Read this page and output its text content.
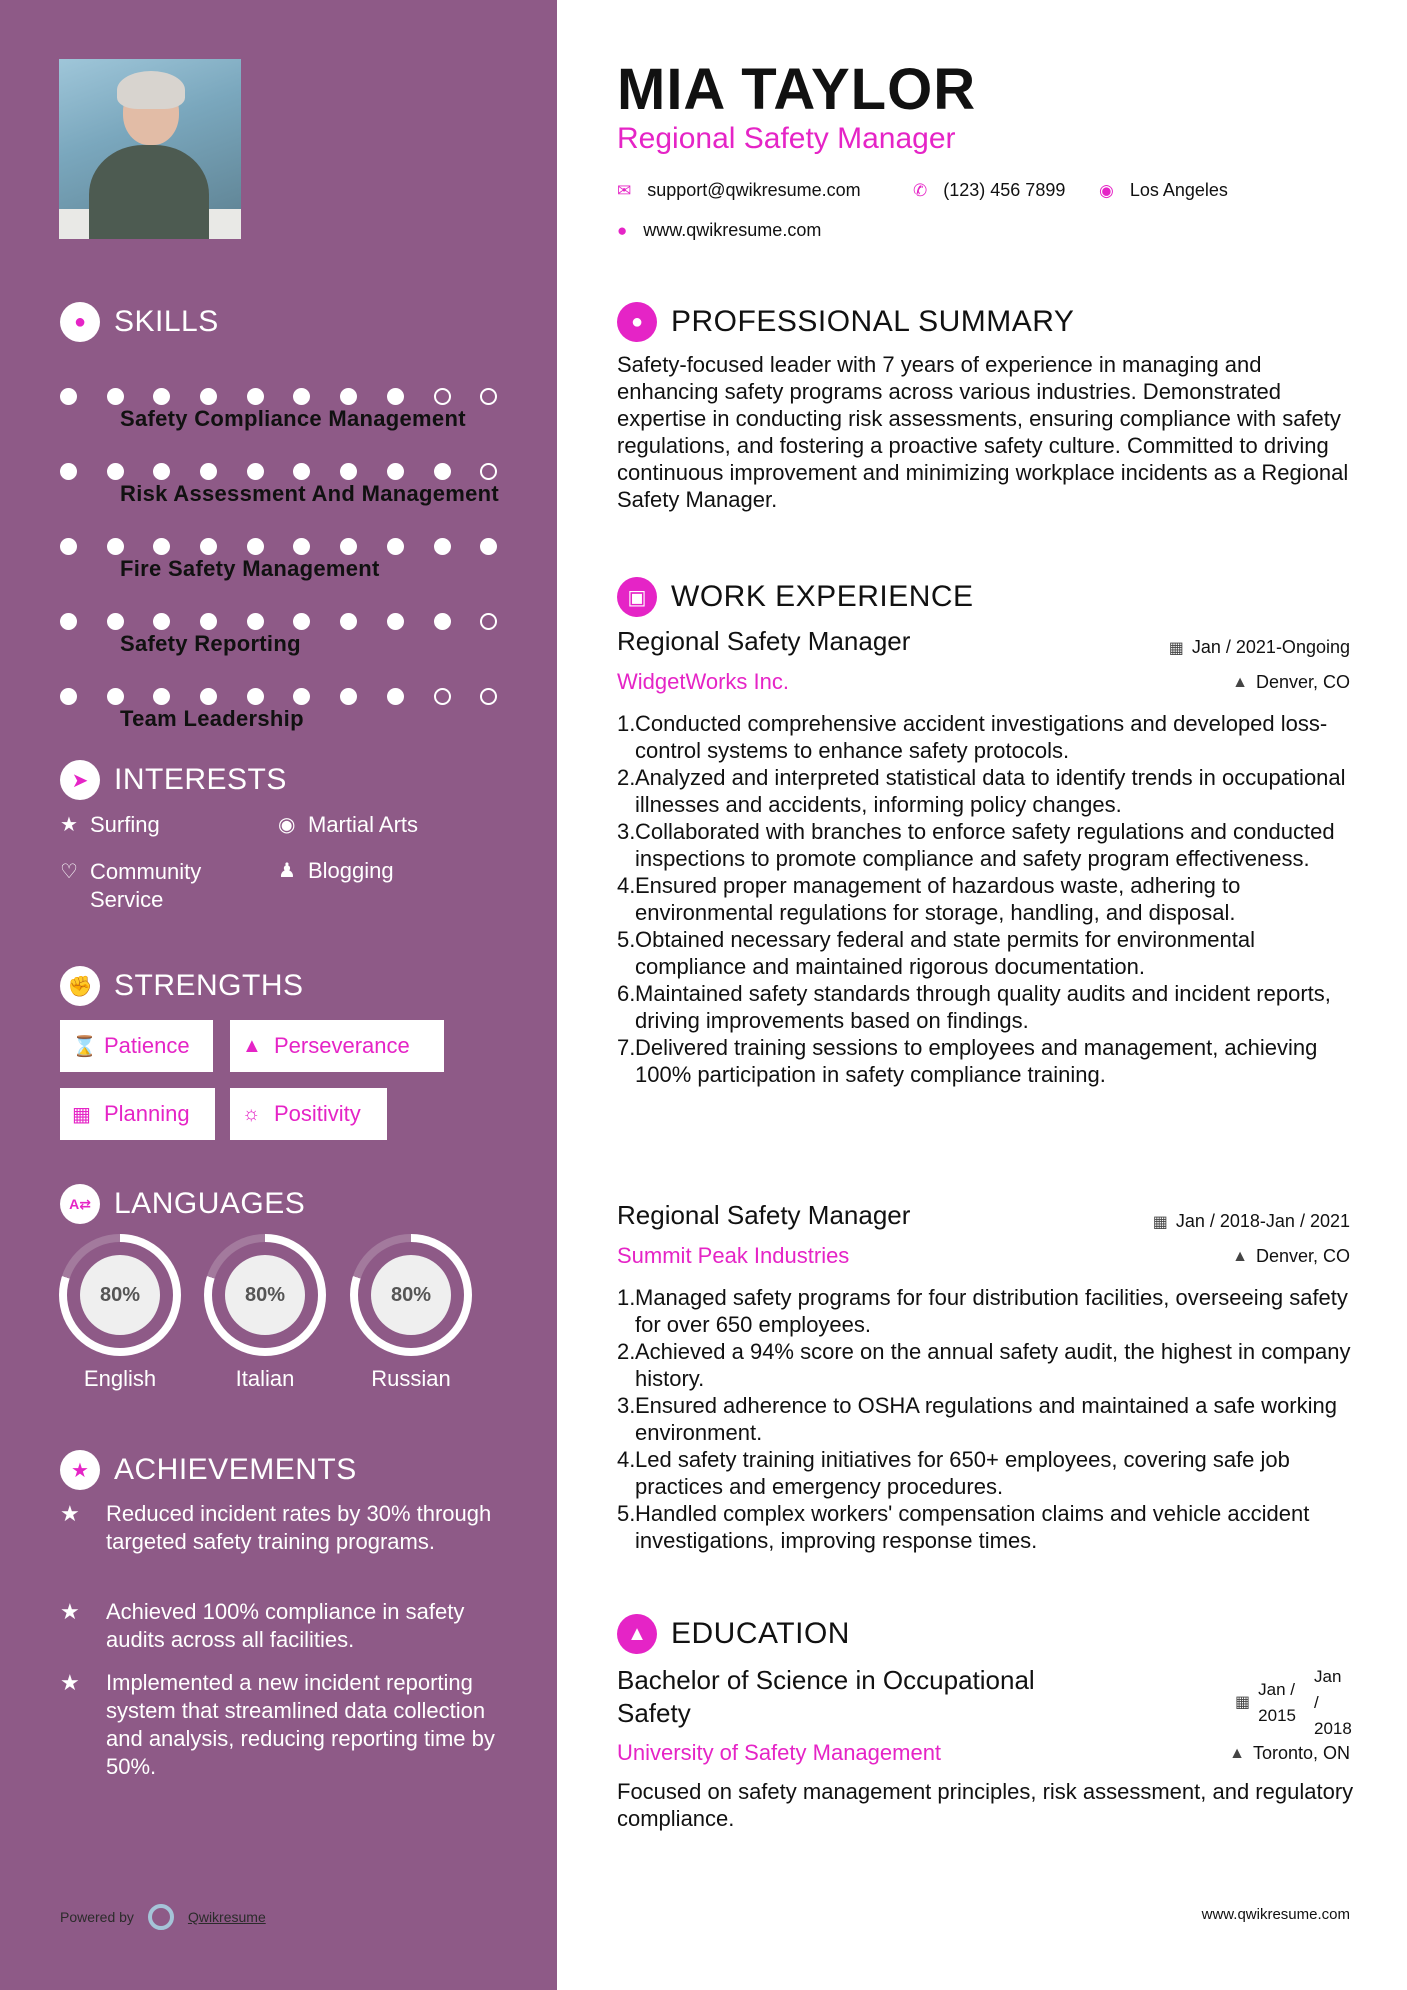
● SKILLS
Safety Compliance Management
Risk Assessment And Management
Fire Safety Management
Safety Reporting
Team Leadership
➤ INTERESTS
★ Surfing	◉ Martial Arts
♡ Community Service
♟ Blogging
✊ STRENGTHS
⌛ Patience	▲ Perseverance
▦ Planning	☼ Positivity
A⇄ LANGUAGES
80%
English
80%
Italian
80%
Russian
★ ACHIEVEMENTS
★	Reduced incident rates by 30% through targeted safety training programs.
★	Achieved 100% compliance in safety audits across all facilities.
★	Implemented a new incident reporting system that streamlined data collection and analysis, reducing reporting time by 50%.
Powered by	Qwikresume
MIA TAYLOR
Regional Safety Manager
✉ support@qwikresume.com	✆ (123) 456 7899 ◉ Los Angeles
● www.qwikresume.com
● PROFESSIONAL SUMMARY
Safety-focused leader with 7 years of experience in managing and enhancing safety programs across various industries. Demonstrated expertise in conducting risk assessments, ensuring compliance with safety regulations, and fostering a proactive safety culture. Committed to driving continuous improvement and minimizing workplace incidents as a Regional Safety Manager.
▣ WORK EXPERIENCE
Regional Safety Manager
WidgetWorks Inc.
▦ Jan / 2021-Ongoing
▲ Denver, CO
Conducted comprehensive accident investigations and developed loss-control systems to enhance safety protocols.
Analyzed and interpreted statistical data to identify trends in occupational illnesses and accidents, informing policy changes.
Collaborated with branches to enforce safety regulations and conducted inspections to promote compliance and safety program effectiveness.
Ensured proper management of hazardous waste, adhering to environmental regulations for storage, handling, and disposal.
Obtained necessary federal and state permits for environmental compliance and maintained rigorous documentation.
Maintained safety standards through quality audits and incident reports, driving improvements based on findings.
Delivered training sessions to employees and management, achieving 100% participation in safety compliance training.
Regional Safety Manager
Summit Peak Industries
▦ Jan / 2018-Jan / 2021
▲ Denver, CO
Managed safety programs for four distribution facilities, overseeing safety for over 650 employees.
Achieved a 94% score on the annual safety audit, the highest in company history.
Ensured adherence to OSHA regulations and maintained a safe working environment.
Led safety training initiatives for 650+ employees, covering safe job practices and emergency procedures.
Handled complex workers' compensation claims and vehicle accident investigations, improving response times.
▲ EDUCATION
Bachelor of Science in Occupational
Safety
University of Safety Management
▦
Jan /
2015
Jan /
2018
▲ Toronto, ON
Focused on safety management principles, risk assessment, and regulatory compliance.
www.qwikresume.com
